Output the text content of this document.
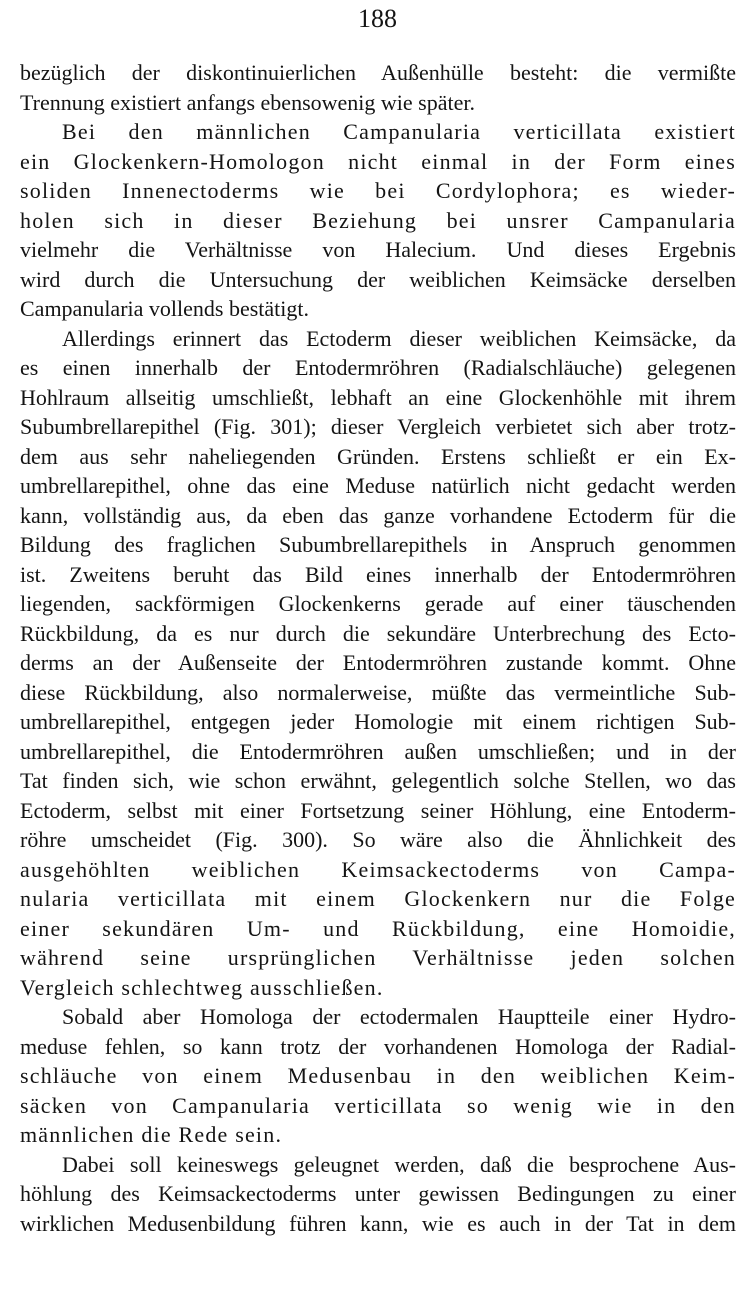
188
bezüglich der diskontinuierlichen Außenhülle besteht: die vermißte
Trennung existiert anfangs ebensowenig wie später.
Bei den männlichen Campanularia verticillata existiert
ein Glockenkern-Homologon nicht einmal in der Form eines
soliden Innenectoderms wie bei Cordylophora; es wieder-
holen sich in dieser Beziehung bei unsrer Campanularia
vielmehr die Verhältnisse von Halecium. Und dieses Ergebnis
wird durch die Untersuchung der weiblichen Keimsäcke derselben
Campanularia vollends bestätigt.
Allerdings erinnert das Ectoderm dieser weiblichen Keimsäcke, da
es einen innerhalb der Entodermröhren (Radialschläuche) gelegenen
Hohlraum allseitig umschließt, lebhaft an eine Glockenhöhle mit ihrem
Subumbrellarepithel (Fig. 301); dieser Vergleich verbietet sich aber trotz-
dem aus sehr naheliegenden Gründen. Erstens schließt er ein Ex-
umbrellarepithel, ohne das eine Meduse natürlich nicht gedacht werden
kann, vollständig aus, da eben das ganze vorhandene Ectoderm für die
Bildung des fraglichen Subumbrellarepithels in Anspruch genommen
ist. Zweitens beruht das Bild eines innerhalb der Entodermröhren
liegenden, sackförmigen Glockenkerns gerade auf einer täuschenden
Rückbildung, da es nur durch die sekundäre Unterbrechung des Ecto-
derms an der Außenseite der Entodermröhren zustande kommt. Ohne
diese Rückbildung, also normalerweise, müßte das vermeintliche Sub-
umbrellarepithel, entgegen jeder Homologie mit einem richtigen Sub-
umbrellarepithel, die Entodermröhren außen umschließen; und in der
Tat finden sich, wie schon erwähnt, gelegentlich solche Stellen, wo das
Ectoderm, selbst mit einer Fortsetzung seiner Höhlung, eine Entoderm-
röhre umscheidet (Fig. 300). So wäre also die Ähnlichkeit des
ausgehöhlten weiblichen Keimsackectoderms von Campa-
nularia verticillata mit einem Glockenkern nur die Folge
einer sekundären Um- und Rückbildung, eine Homoidie,
während seine ursprünglichen Verhältnisse jeden solchen
Vergleich schlechtweg ausschließen.
Sobald aber Homologa der ectodermalen Hauptteile einer Hydro-
meduse fehlen, so kann trotz der vorhandenen Homologa der Radial-
schläuche von einem Medusenbau in den weiblichen Keim-
säcken von Campanularia verticillata so wenig wie in den
männlichen die Rede sein.
Dabei soll keineswegs geleugnet werden, daß die besprochene Aus-
höhlung des Keimsackectoderms unter gewissen Bedingungen zu einer
wirklichen Medusenbildung führen kann, wie es auch in der Tat in dem
